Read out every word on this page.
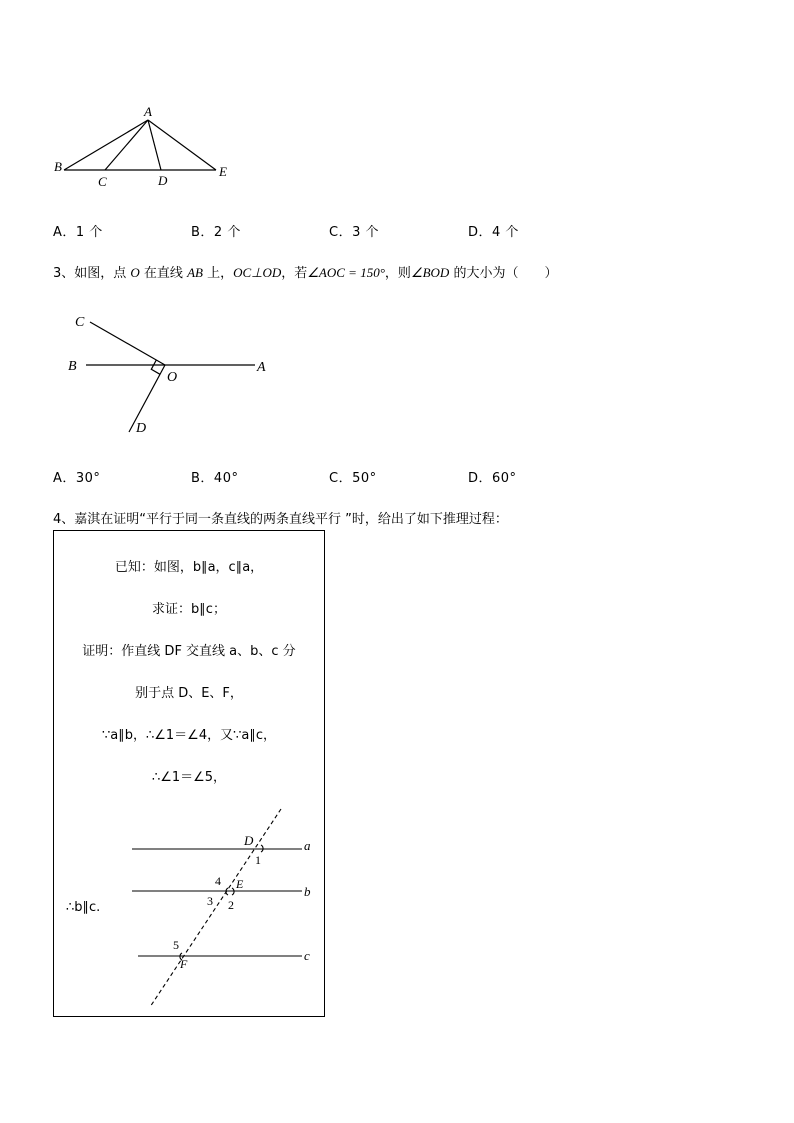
A
B
C	D
E
A．1 个	B．2 个	C．3 个	D．4 个
3、如图，点 O 在直线 AB 上，OC⊥OD，若∠AOC = 150°，则∠BOD 的大小为（　　）
C
B
O
A
D
A．30°	B．40°	C．50°	D．60°
4、嘉淇在证明“平行于同一条直线的两条直线平行 ”时，给出了如下推理过程：
已知：如图，b∥a，c∥a，
求证：b∥c；
证明：作直线 DF 交直线 a、b、c 分
别于点 D、E、F，
∵a∥b，∴∠1＝∠4，又∵a∥c，
∴∠1＝∠5，
∴b∥c.
D	a
1
4 E	b
3 2
5
F
c
